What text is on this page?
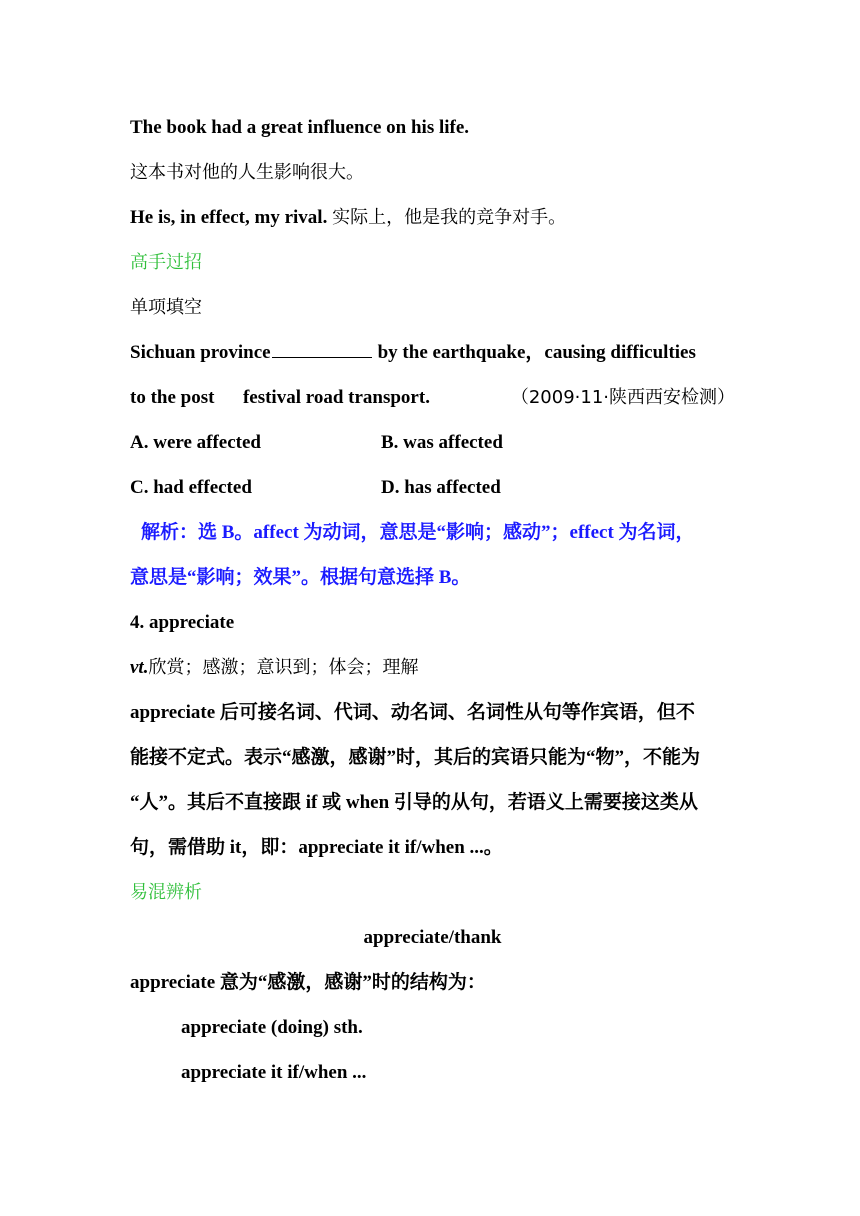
The book had a great influence on his life.
这本书对他的人生影响很大。
He is, in effect, my rival. 实际上，他是我的竞争对手。
高手过招
单项填空
Sichuan province	by the earthquake，causing difficulties
to the post festival road transport.	（2009·11·陕西西安检测）
A. were affected	B. was affected
C. had effected	D. has affected
解析：选 B。affect 为动词，意思是“影响；感动”；effect 为名词，
意思是“影响；效果”。根据句意选择 B。
4. appreciate
vt.欣赏；感激；意识到；体会；理解
appreciate 后可接名词、代词、动名词、名词性从句等作宾语，但不
能接不定式。表示“感激，感谢”时，其后的宾语只能为“物”，不能为
“人”。其后不直接跟 if 或 when 引导的从句，若语义上需要接这类从
句，需借助 it，即：appreciate it if/when ...。
易混辨析
appreciate/thank
appreciate 意为“感激，感谢”时的结构为：
appreciate (doing) sth.
appreciate it if/when ...
